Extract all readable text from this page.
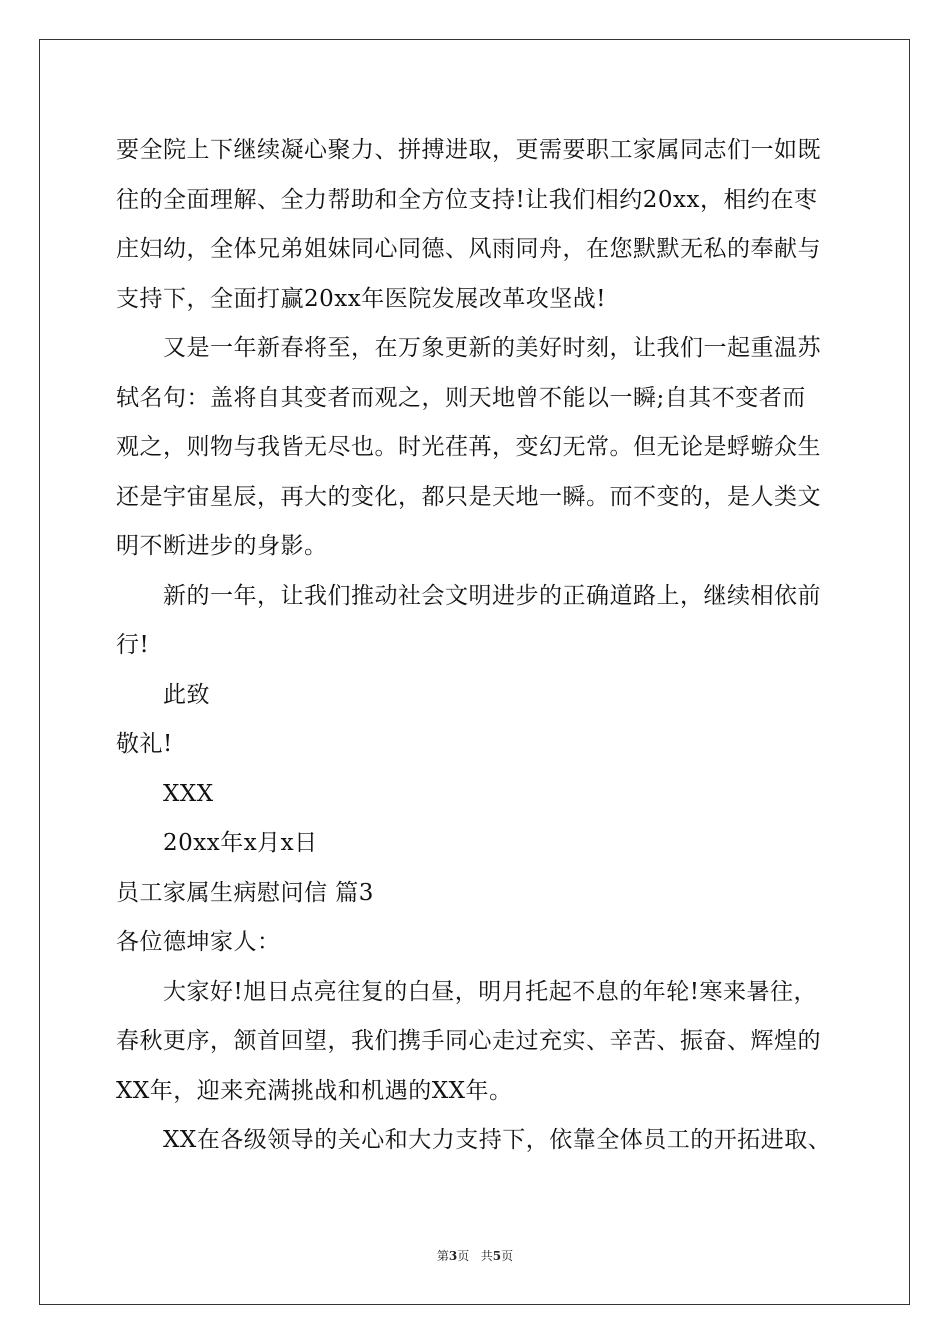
要全院上下继续凝心聚力、拼搏进取，更需要职工家属同志们一如既
往的全面理解、全力帮助和全方位支持!让我们相约20xx，相约在枣
庄妇幼，全体兄弟姐妹同心同德、风雨同舟，在您默默无私的奉献与
支持下，全面打赢20xx年医院发展改革攻坚战!
又是一年新春将至，在万象更新的美好时刻，让我们一起重温苏
轼名句：盖将自其变者而观之，则天地曾不能以一瞬;自其不变者而
观之，则物与我皆无尽也。时光荏苒，变幻无常。但无论是蜉蝣众生
还是宇宙星辰，再大的变化，都只是天地一瞬。而不变的，是人类文
明不断进步的身影。
新的一年，让我们推动社会文明进步的正确道路上，继续相依前
行!
此致
敬礼!
XXX
20xx年x月x日
员工家属生病慰问信 篇3
各位德坤家人：
大家好!旭日点亮往复的白昼，明月托起不息的年轮!寒来暑往，
春秋更序，颔首回望，我们携手同心走过充实、辛苦、振奋、辉煌的
XX年，迎来充满挑战和机遇的XX年。
XX在各级领导的关心和大力支持下，依靠全体员工的开拓进取、
第3页 共5页
